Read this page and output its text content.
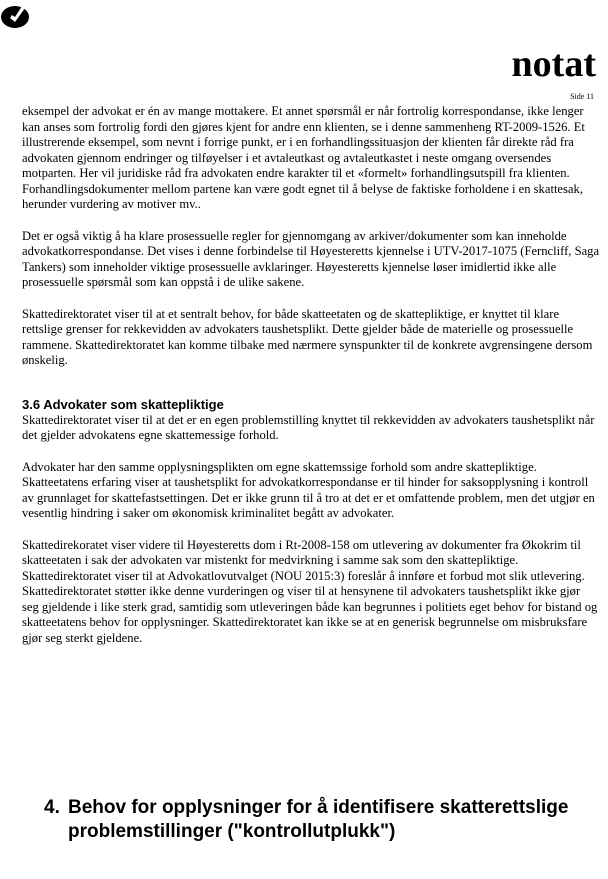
notat
Side 11

eksempel der advokat er én av mange mottakere. Et annet spørsmål er når fortrolig korrespondanse, ikke lenger kan anses som fortrolig fordi den gjøres kjent for andre enn klienten, se i denne sammenheng RT-2009-1526. Et illustrerende eksempel, som nevnt i forrige punkt, er i en forhandlingssituasjon der klienten får direkte råd fra advokaten gjennom endringer og tilføyelser i et avtaleutkast og avtaleutkastet i neste omgang oversendes motparten. Her vil juridiske råd fra advokaten endre karakter til et «formelt» forhandlingsutspill fra klienten. Forhandlingsdokumenter mellom partene kan være godt egnet til å belyse de faktiske forholdene i en skattesak, herunder vurdering av motiver mv..

Det er også viktig å ha klare prosessuelle regler for gjennomgang av arkiver/dokumenter som kan inneholde advokatkorrespondanse. Det vises i denne forbindelse til Høyesteretts kjennelse i UTV-2017-1075 (Ferncliff, Saga Tankers) som inneholder viktige prosessuelle avklaringer. Høyesteretts kjennelse løser imidlertid ikke alle prosessuelle spørsmål som kan oppstå i de ulike sakene.

Skattedirektoratet viser til at et sentralt behov, for både skatteetaten og de skattepliktige, er knyttet til klare rettslige grenser for rekkevidden av advokaters taushetsplikt. Dette gjelder både de materielle og prosessuelle rammene. Skattedirektoratet kan komme tilbake med nærmere synspunkter til de konkrete avgrensingene dersom ønskelig.

3.6 Advokater som skattepliktige

Skattedirektoratet viser til at det er en egen problemstilling knyttet til rekkevidden av advokaters taushetsplikt når det gjelder advokatens egne skattemessige forhold.

Advokater har den samme opplysningsplikten om egne skattemssige forhold som andre skattepliktige. Skatteetatens erfaring viser at taushetsplikt for advokatkorrespondanse er til hinder for saksopplysning i kontroll av grunnlaget for skattefastsettingen. Det er ikke grunn til å tro at det er et omfattende problem, men det utgjør en vesentlig hindring i saker om økonomisk kriminalitet begått av advokater.

Skattedirekoratet viser videre til Høyesteretts dom i Rt-2008-158 om utlevering av dokumenter fra Økokrim til skatteetaten i sak der advokaten var mistenkt for medvirkning i samme sak som den skattepliktige. Skattedirektoratet viser til at Advokatlovutvalget (NOU 2015:3) foreslår å innføre et forbud mot slik utlevering. Skattedirektoratet støtter ikke denne vurderingen og viser til at hensynene til advokaters taushetsplikt ikke gjør seg gjeldende i like sterk grad, samtidig som utleveringen både kan begrunnes i politiets eget behov for bistand og skatteetatens behov for opplysninger. Skattedirektoratet kan ikke se at en generisk begrunnelse om misbruksfare gjør seg sterkt gjeldene.

4. Behov for opplysninger for å identifisere skatterettslige problemstillinger ("kontrollutplukk")
